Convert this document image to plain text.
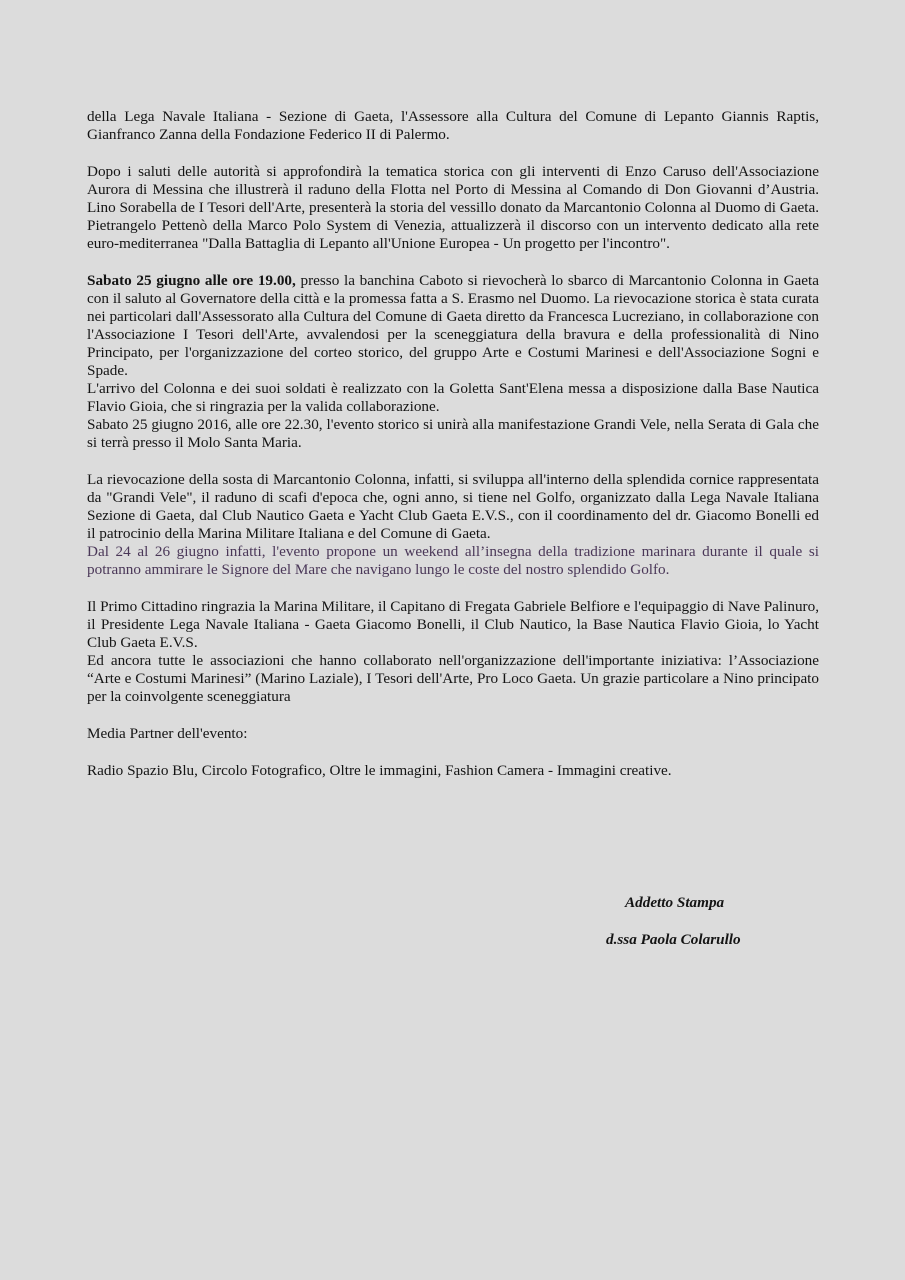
della Lega Navale Italiana - Sezione di Gaeta, l'Assessore alla Cultura del Comune di Lepanto Giannis Raptis, Gianfranco Zanna della Fondazione Federico II di Palermo.

Dopo i saluti delle autorità si approfondirà la tematica storica con gli interventi di Enzo Caruso dell'Associazione Aurora di Messina che illustrerà il raduno della Flotta nel Porto di Messina al Comando di Don Giovanni d’Austria. Lino Sorabella de I Tesori dell'Arte, presenterà la storia del vessillo donato da Marcantonio Colonna al Duomo di Gaeta. Pietrangelo Pettenò della Marco Polo System di Venezia, attualizzerà il discorso con un intervento dedicato alla rete euro-mediterranea "Dalla Battaglia di Lepanto all'Unione Europea - Un progetto per l'incontro".

Sabato 25 giugno alle ore 19.00, presso la banchina Caboto si rievocherà lo sbarco di Marcantonio Colonna in Gaeta con il saluto al Governatore della città e la promessa fatta a S. Erasmo nel Duomo. La rievocazione storica è stata curata nei particolari dall'Assessorato alla Cultura del Comune di Gaeta diretto da Francesca Lucreziano, in collaborazione con l'Associazione I Tesori dell'Arte, avvalendosi per la sceneggiatura della bravura e della professionalità di Nino Principato, per l'organizzazione del corteo storico, del gruppo Arte e Costumi Marinesi e dell'Associazione Sogni e Spade.
L'arrivo del Colonna e dei suoi soldati è realizzato con la Goletta Sant'Elena messa a disposizione dalla Base Nautica Flavio Gioia, che si ringrazia per la valida collaborazione.
Sabato 25 giugno 2016, alle ore 22.30, l'evento storico si unirà alla manifestazione Grandi Vele, nella Serata di Gala che si terrà presso il Molo Santa Maria.

La rievocazione della sosta di Marcantonio Colonna, infatti, si sviluppa all'interno della splendida cornice rappresentata da "Grandi Vele", il raduno di scafi d'epoca che, ogni anno, si tiene nel Golfo, organizzato dalla Lega Navale Italiana Sezione di Gaeta, dal Club Nautico Gaeta e Yacht Club Gaeta E.V.S., con il coordinamento del dr. Giacomo Bonelli ed il patrocinio della Marina Militare Italiana e del Comune di Gaeta.
Dal 24 al 26 giugno infatti, l'evento propone un weekend all’insegna della tradizione marinara durante il quale si potranno ammirare le Signore del Mare che navigano lungo le coste del nostro splendido Golfo.

Il Primo Cittadino ringrazia la Marina Militare, il Capitano di Fregata Gabriele Belfiore e l'equipaggio di Nave Palinuro, il Presidente Lega Navale Italiana - Gaeta Giacomo Bonelli, il Club Nautico, la Base Nautica Flavio Gioia, lo Yacht Club Gaeta E.V.S.
Ed ancora tutte le associazioni che hanno collaborato nell'organizzazione dell'importante iniziativa: l’Associazione “Arte e Costumi Marinesi” (Marino Laziale), I Tesori dell'Arte, Pro Loco Gaeta. Un grazie particolare a Nino principato per la coinvolgente sceneggiatura

Media Partner dell'evento:

Radio Spazio Blu, Circolo Fotografico, Oltre le immagini, Fashion Camera - Immagini creative.

Addetto Stampa
d.ssa Paola Colarullo
